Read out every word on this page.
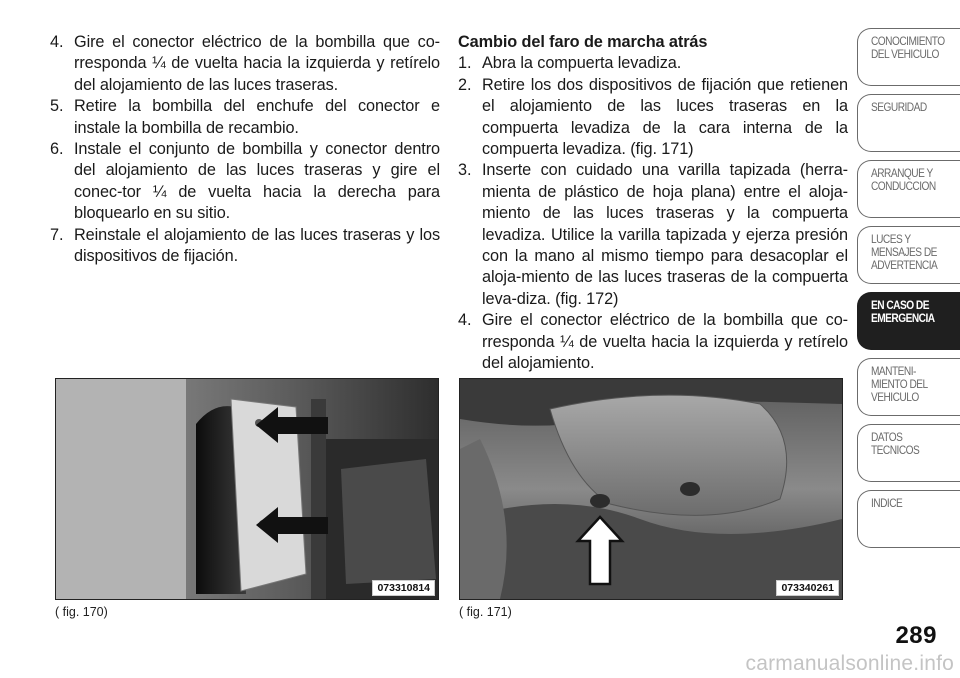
4. Gire el conector eléctrico de la bombilla que co-rresponda ¼ de vuelta hacia la izquierda y retírelo del alojamiento de las luces traseras.
5. Retire la bombilla del enchufe del conector e instale la bombilla de recambio.
6. Instale el conjunto de bombilla y conector dentro del alojamiento de las luces traseras y gire el conec-tor ¼ de vuelta hacia la derecha para bloquearlo en su sitio.
7. Reinstale el alojamiento de las luces traseras y los dispositivos de fijación.
Cambio del faro de marcha atrás
1. Abra la compuerta levadiza.
2. Retire los dos dispositivos de fijación que retienen el alojamiento de las luces traseras en la compuerta levadiza de la cara interna de la compuerta levadiza. (fig. 171)
3. Inserte con cuidado una varilla tapizada (herra-mienta de plástico de hoja plana) entre el aloja-miento de las luces traseras y la compuerta levadiza. Utilice la varilla tapizada y ejerza presión con la mano al mismo tiempo para desacoplar el aloja-miento de las luces traseras de la compuerta leva-diza. (fig. 172)
4. Gire el conector eléctrico de la bombilla que co-rresponda ¼ de vuelta hacia la izquierda y retírelo del alojamiento.
073310814
( fig. 170)
073340261
( fig. 171)
CONOCIMIENTO
DEL VEHICULO
SEGURIDAD
ARRANQUE Y
CONDUCCION
LUCES Y
MENSAJES DE
ADVERTENCIA
EN CASO DE
EMERGENCIA
MANTENI-
MIENTO DEL
VEHICULO
DATOS
TECNICOS
INDICE
289
carmanualsonline.info
